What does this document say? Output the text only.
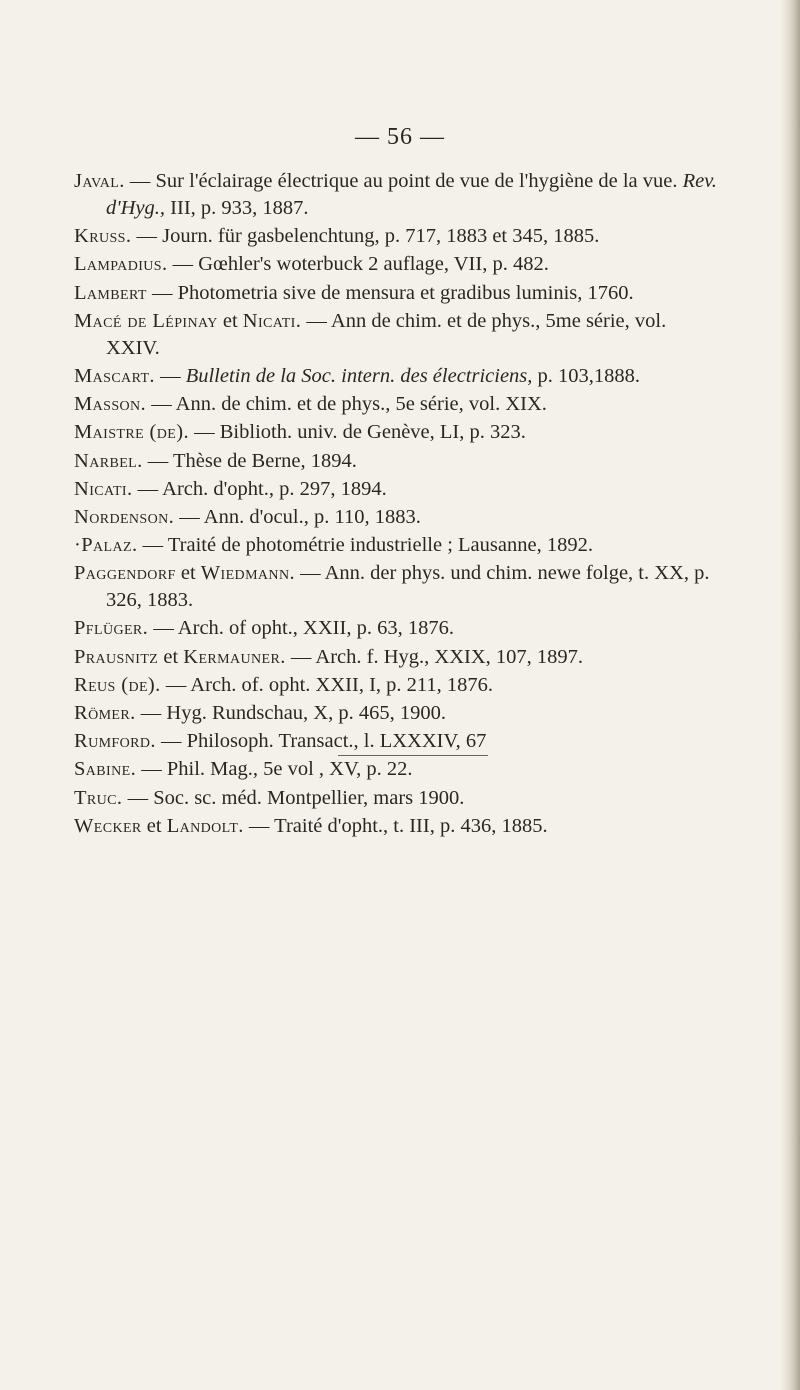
— 56 —

Javal. — Sur l'éclairage électrique au point de vue de l'hygiène de la vue. Rev. d'Hyg., III, p. 933, 1887.

Kruss. — Journ. für gasbelenchtung, p. 717, 1883 et 345, 1885.

Lampadius. — Gœhler's woterbuck 2 auflage, VII, p. 482.

Lambert — Photometria sive de mensura et gradibus luminis, 1760.

Macé de Lépinay et Nicati. — Ann de chim. et de phys., 5me série, vol. XXIV.

Mascart. — Bulletin de la Soc. intern. des électriciens, p. 103,1888.

Masson. — Ann. de chim. et de phys., 5e série, vol. XIX.

Maistre (de). — Biblioth. univ. de Genève, LI, p. 323.

Narbel. — Thèse de Berne, 1894.

Nicati. — Arch. d'opht., p. 297, 1894.

Nordenson. — Ann. d'ocul., p. 110, 1883.

·Palaz. — Traité de photométrie industrielle ; Lausanne, 1892.

Paggendorf et Wiedmann. — Ann. der phys. und chim. newe folge, t. XX, p. 326, 1883.

Pflüger. — Arch. of opht., XXII, p. 63, 1876.

Prausnitz et Kermauner. — Arch. f. Hyg., XXIX, 107, 1897.

Reus (de). — Arch. of. opht. XXII, I, p. 211, 1876.

Römer. — Hyg. Rundschau, X, p. 465, 1900.

Rumford. — Philosoph. Transact., l. LXXXIV, 67

Sabine. — Phil. Mag., 5e vol , XV, p. 22.

Truc. — Soc. sc. méd. Montpellier, mars 1900.

Wecker et Landolt. — Traité d'opht., t. III, p. 436, 1885.
